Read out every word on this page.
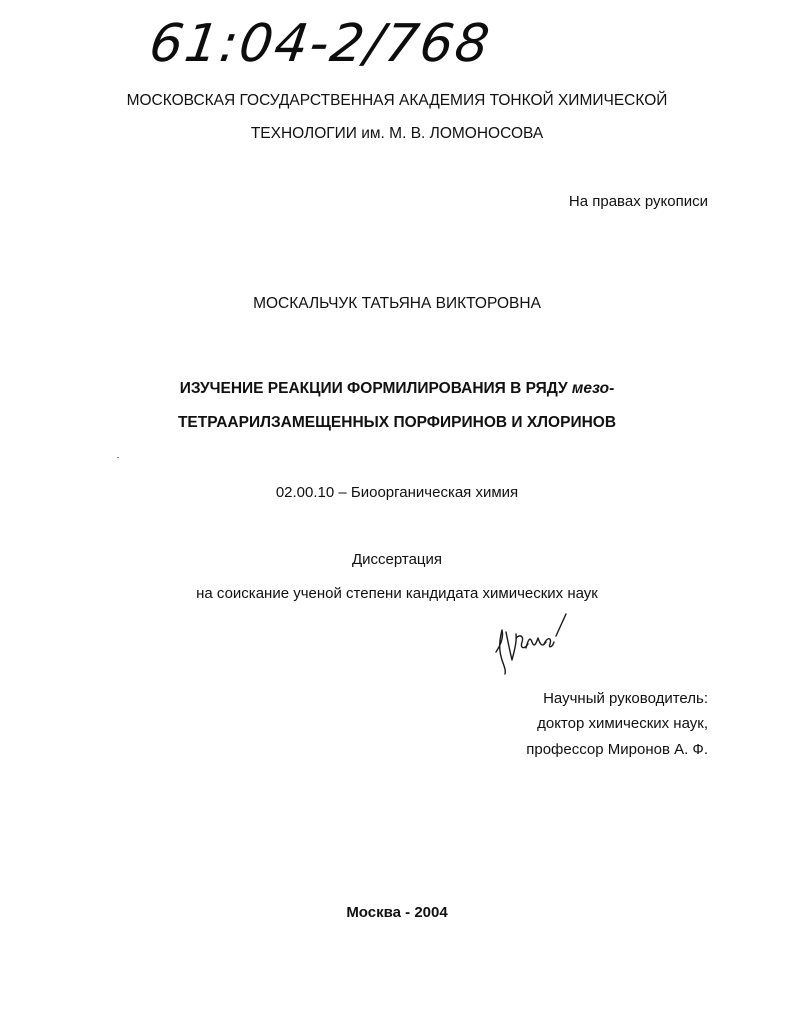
61:04-2/768
МОСКОВСКАЯ ГОСУДАРСТВЕННАЯ АКАДЕМИЯ ТОНКОЙ ХИМИЧЕСКОЙ
ТЕХНОЛОГИИ им. М. В. ЛОМОНОСОВА
На правах рукописи
МОСКАЛЬЧУК ТАТЬЯНА ВИКТОРОВНА
ИЗУЧЕНИЕ РЕАКЦИИ ФОРМИЛИРОВАНИЯ В РЯДУ мезо-
ТЕТРААРИЛЗАМЕЩЕННЫХ ПОРФИРИНОВ И ХЛОРИНОВ
02.00.10 – Биоорганическая химия
Диссертация
на соискание ученой степени кандидата химических наук
Научный руководитель:
доктор химических наук,
профессор Миронов А. Ф.
Москва - 2004
